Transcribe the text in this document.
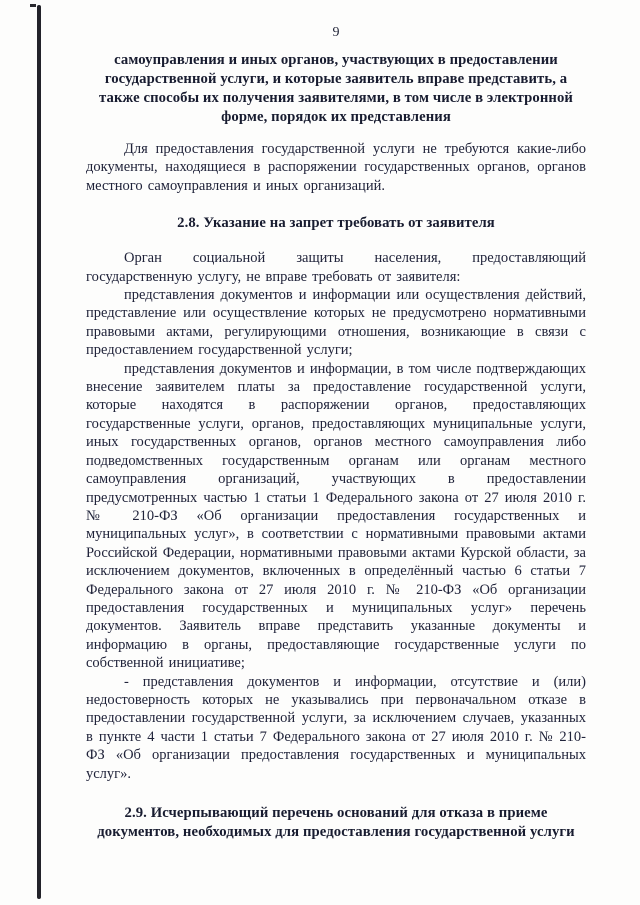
9
самоуправления и иных органов, участвующих в предоставлении государственной услуги, и которые заявитель вправе представить, а также способы их получения заявителями, в том числе в электронной форме, порядок их представления

Для предоставления государственной услуги не требуются какие-либо документы, находящиеся в распоряжении государственных органов, органов местного самоуправления и иных организаций.

2.8. Указание на запрет требовать от заявителя

Орган социальной защиты населения, предоставляющий государственную услугу, не вправе требовать от заявителя:

представления документов и информации или осуществления действий, представление или осуществление которых не предусмотрено нормативными правовыми актами, регулирующими отношения, возникающие в связи с предоставлением государственной услуги;

представления документов и информации, в том числе подтверждающих внесение заявителем платы за предоставление государственной услуги, которые находятся в распоряжении органов, предоставляющих государственные услуги, органов, предоставляющих муниципальные услуги, иных государственных органов, органов местного самоуправления либо подведомственных государственным органам или органам местного самоуправления организаций, участвующих в предоставлении предусмотренных частью 1 статьи 1 Федерального закона от 27 июля 2010 г. № 210-ФЗ «Об организации предоставления государственных и муниципальных услуг», в соответствии с нормативными правовыми актами Российской Федерации, нормативными правовыми актами Курской области, за исключением документов, включенных в определённый частью 6 статьи 7 Федерального закона от 27 июля 2010 г. № 210-ФЗ «Об организации предоставления государственных и муниципальных услуг» перечень документов. Заявитель вправе представить указанные документы и информацию в органы, предоставляющие государственные услуги по собственной инициативе;

- представления документов и информации, отсутствие и (или) недостоверность которых не указывались при первоначальном отказе в предоставлении государственной услуги, за исключением случаев, указанных в пункте 4 части 1 статьи 7 Федерального закона от 27 июля 2010 г. № 210-ФЗ «Об организации предоставления государственных и муниципальных услуг».

2.9. Исчерпывающий перечень оснований для отказа в приеме документов, необходимых для предоставления государственной услуги
